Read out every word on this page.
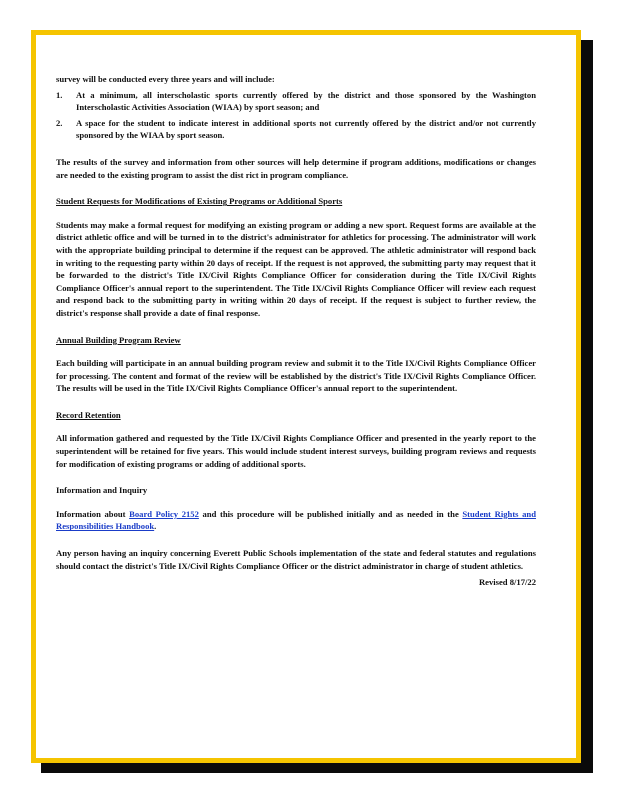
survey will be conducted every three years and will include:

1. At a minimum, all interscholastic sports currently offered by the district and those sponsored by the Washington Interscholastic Activities Association (WIAA) by sport season; and
2. A space for the student to indicate interest in additional sports not currently offered by the district and/or not currently sponsored by the WIAA by sport season.

The results of the survey and information from other sources will help determine if program additions, modifications or changes are needed to the existing program to assist the dist rict in program compliance.

Student Requests for Modifications of Existing Programs or Additional Sports

Students may make a formal request for modifying an existing program or adding a new sport. Request forms are available at the district athletic office and will be turned in to the district's administrator for athletics for processing. The administrator will work with the appropriate building principal to determine if the request can be approved. The athletic administrator will respond back in writing to the requesting party within 20 days of receipt. If the request is not approved, the submitting party may request that it be forwarded to the district's Title IX/Civil Rights Compliance Officer for consideration during the Title IX/Civil Rights Compliance Officer's annual report to the superintendent. The Title IX/Civil Rights Compliance Officer will review each request and respond back to the submitting party in writing within 20 days of receipt. If the request is subject to further review, the district's response shall provide a date of final response.

Annual Building Program Review

Each building will participate in an annual building program review and submit it to the Title IX/Civil Rights Compliance Officer for processing. The content and format of the review will be established by the district's Title IX/Civil Rights Compliance Officer. The results will be used in the Title IX/Civil Rights Compliance Officer's annual report to the superintendent.

Record Retention

All information gathered and requested by the Title IX/Civil Rights Compliance Officer and presented in the yearly report to the superintendent will be retained for five years. This would include student interest surveys, building program reviews and requests for modification of existing programs or adding of additional sports.

Information and Inquiry

Information about Board Policy 2152 and this procedure will be published initially and as needed in the Student Rights and Responsibilities Handbook.

Any person having an inquiry concerning Everett Public Schools implementation of the state and federal statutes and regulations should contact the district's Title IX/Civil Rights Compliance Officer or the district administrator in charge of student athletics.

Revised 8/17/22
